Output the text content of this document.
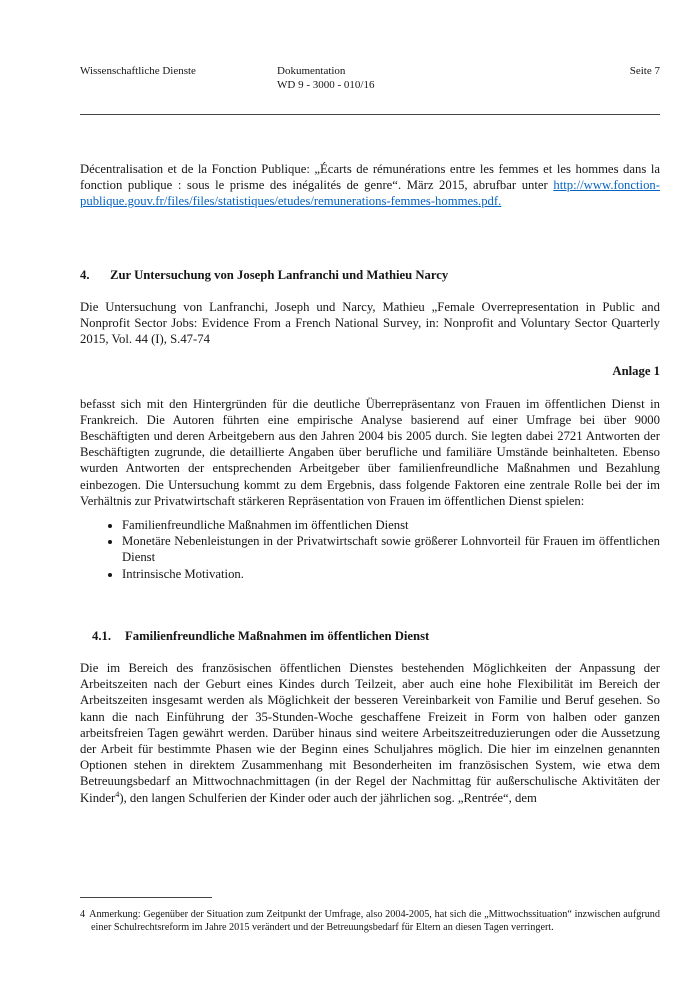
Wissenschaftliche Dienste	Dokumentation
WD 9 - 3000 - 010/16
Seite 7

Décentralisation et de la Fonction Publique: „Écarts de rémunérations entre les femmes et les hommes dans la fonction publique : sous le prisme des inégalités de genre“. März 2015, abrufbar unter http://www.fonction-publique.gouv.fr/files/files/statistiques/etudes/remunerations-femmes-hommes.pdf.

4.	Zur Untersuchung von Joseph Lanfranchi und Mathieu Narcy

Die Untersuchung von Lanfranchi, Joseph und Narcy, Mathieu „Female Overrepresentation in Public and Nonprofit Sector Jobs: Evidence From a French National Survey, in: Nonprofit and Voluntary Sector Quarterly 2015, Vol. 44 (I), S.47-74

Anlage 1

befasst sich mit den Hintergründen für die deutliche Überrepräsentanz von Frauen im öffentlichen Dienst in Frankreich. Die Autoren führten eine empirische Analyse basierend auf einer Umfrage bei über 9000 Beschäftigten und deren Arbeitgebern aus den Jahren 2004 bis 2005 durch. Sie legten dabei 2721 Antworten der Beschäftigten zugrunde, die detaillierte Angaben über berufliche und familiäre Umstände beinhalteten. Ebenso wurden Antworten der entsprechenden Arbeitgeber über familienfreundliche Maßnahmen und Bezahlung einbezogen. Die Untersuchung kommt zu dem Ergebnis, dass folgende Faktoren eine zentrale Rolle bei der im Verhältnis zur Privatwirtschaft stärkeren Repräsentation von Frauen im öffentlichen Dienst spielen:

• Familienfreundliche Maßnahmen im öffentlichen Dienst
• Monetäre Nebenleistungen in der Privatwirtschaft sowie größerer Lohnvorteil für Frauen im öffentlichen Dienst
• Intrinsische Motivation.
4.1.	Familienfreundliche Maßnahmen im öffentlichen Dienst

Die im Bereich des französischen öffentlichen Dienstes bestehenden Möglichkeiten der Anpassung der Arbeitszeiten nach der Geburt eines Kindes durch Teilzeit, aber auch eine hohe Flexibilität im Bereich der Arbeitszeiten insgesamt werden als Möglichkeit der besseren Vereinbarkeit von Familie und Beruf gesehen. So kann die nach Einführung der 35-Stunden-Woche geschaffene Freizeit in Form von halben oder ganzen arbeitsfreien Tagen gewährt werden. Darüber hinaus sind weitere Arbeitszeitreduzierungen oder die Aussetzung der Arbeit für bestimmte Phasen wie der Beginn eines Schuljahres möglich. Die hier im einzelnen genannten Optionen stehen in direktem Zusammenhang mit Besonderheiten im französischen System, wie etwa dem Betreuungsbedarf an Mittwochnachmittagen (in der Regel der Nachmittag für außerschulische Aktivitäten der Kinder$^4$), den langen Schulferien der Kinder oder auch der jährlichen sog. „Rentrée“, dem

4 Anmerkung: Gegenüber der Situation zum Zeitpunkt der Umfrage, also 2004-2005, hat sich die „Mittwochssituation“ inzwischen aufgrund einer Schulrechtsreform im Jahre 2015 verändert und der Betreuungsbedarf für Eltern an diesen Tagen verringert.
